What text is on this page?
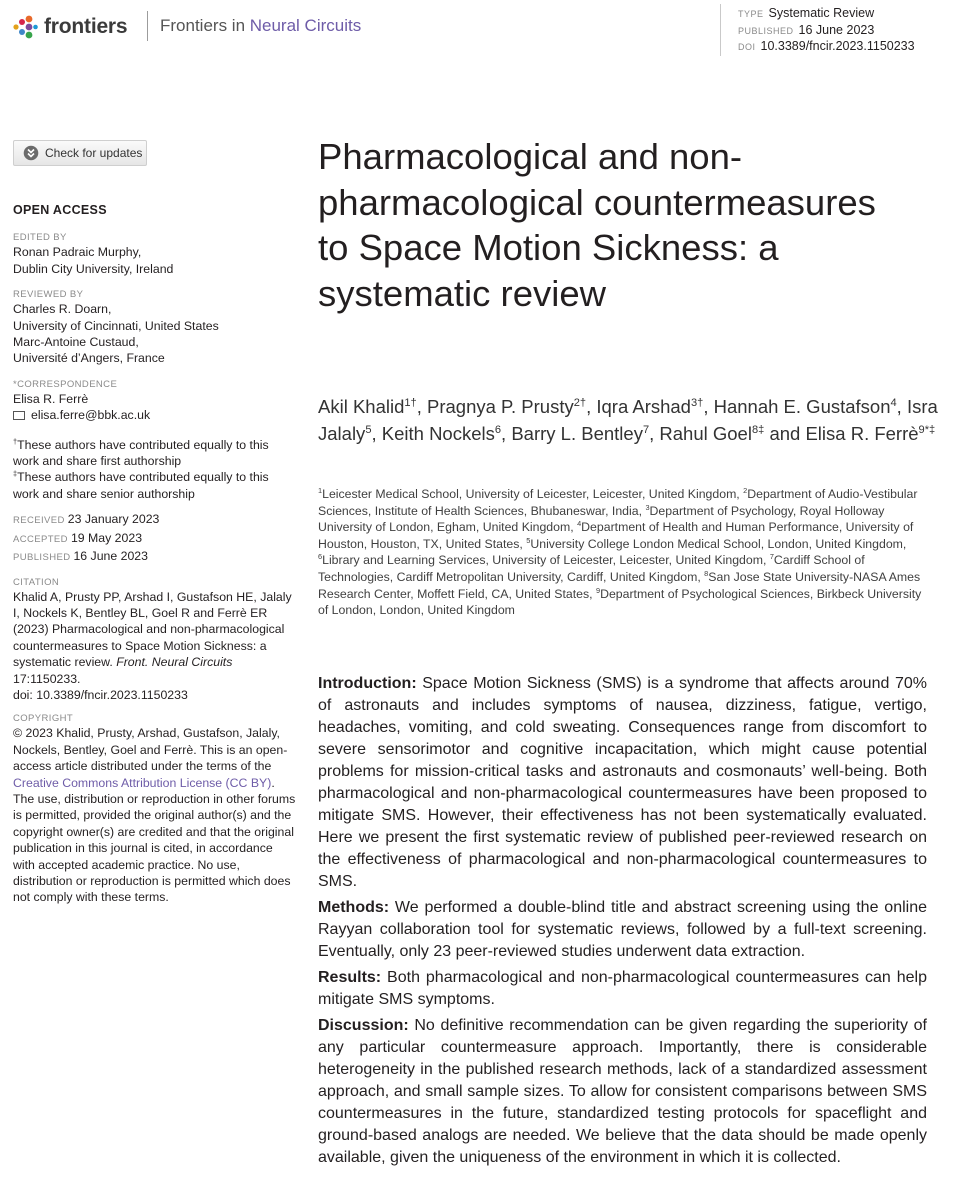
frontiers Frontiers in Neural Circuits
TYPE Systematic Review
PUBLISHED 16 June 2023
DOI 10.3389/fncir.2023.1150233
Check for updates
OPEN ACCESS
EDITED BY
Ronan Padraic Murphy,
Dublin City University, Ireland
REVIEWED BY
Charles R. Doarn,
University of Cincinnati, United States
Marc-Antoine Custaud,
Université d’Angers, France
*CORRESPONDENCE
Elisa R. Ferrè
elisa.ferre@bbk.ac.uk
†These authors have contributed equally to this work and share first authorship
‡These authors have contributed equally to this work and share senior authorship
RECEIVED 23 January 2023
ACCEPTED 19 May 2023
PUBLISHED 16 June 2023
CITATION
Khalid A, Prusty PP, Arshad I, Gustafson HE, Jalaly I, Nockels K, Bentley BL, Goel R and Ferrè ER (2023) Pharmacological and non-pharmacological countermeasures to Space Motion Sickness: a systematic review. Front. Neural Circuits 17:1150233.
doi: 10.3389/fncir.2023.1150233
COPYRIGHT
© 2023 Khalid, Prusty, Arshad, Gustafson, Jalaly, Nockels, Bentley, Goel and Ferrè. This is an open-access article distributed under the terms of the Creative Commons Attribution License (CC BY). The use, distribution or reproduction in other forums is permitted, provided the original author(s) and the copyright owner(s) are credited and that the original publication in this journal is cited, in accordance with accepted academic practice. No use, distribution or reproduction is permitted which does not comply with these terms.
Pharmacological and non-pharmacological countermeasures to Space Motion Sickness: a systematic review
Akil Khalid$^{1\dagger}$, Pragnya P. Prusty$^{2\dagger}$, Iqra Arshad$^{3\dagger}$, Hannah E. Gustafson$^4$, Isra Jalaly$^5$, Keith Nockels$^6$, Barry L. Bentley$^7$, Rahul Goel$^{8\ddagger}$ and Elisa R. Ferrè$^{9*\ddagger}$
$^1$Leicester Medical School, University of Leicester, Leicester, United Kingdom, $^2$Department of Audio-Vestibular Sciences, Institute of Health Sciences, Bhubaneswar, India, $^3$Department of Psychology, Royal Holloway University of London, Egham, United Kingdom, $^4$Department of Health and Human Performance, University of Houston, Houston, TX, United States, $^5$University College London Medical School, London, United Kingdom, $^6$Library and Learning Services, University of Leicester, Leicester, United Kingdom, $^7$Cardiff School of Technologies, Cardiff Metropolitan University, Cardiff, United Kingdom, $^8$San Jose State University-NASA Ames Research Center, Moffett Field, CA, United States, $^9$Department of Psychological Sciences, Birkbeck University of London, London, United Kingdom
Introduction: Space Motion Sickness (SMS) is a syndrome that affects around 70% of astronauts and includes symptoms of nausea, dizziness, fatigue, vertigo, headaches, vomiting, and cold sweating. Consequences range from discomfort to severe sensorimotor and cognitive incapacitation, which might cause potential problems for mission-critical tasks and astronauts and cosmonauts’ well-being. Both pharmacological and non-pharmacological countermeasures have been proposed to mitigate SMS. However, their effectiveness has not been systematically evaluated. Here we present the first systematic review of published peer-reviewed research on the effectiveness of pharmacological and non-pharmacological countermeasures to SMS.
Methods: We performed a double-blind title and abstract screening using the online Rayyan collaboration tool for systematic reviews, followed by a full-text screening. Eventually, only 23 peer-reviewed studies underwent data extraction.
Results: Both pharmacological and non-pharmacological countermeasures can help mitigate SMS symptoms.
Discussion: No definitive recommendation can be given regarding the superiority of any particular countermeasure approach. Importantly, there is considerable heterogeneity in the published research methods, lack of a standardized assessment approach, and small sample sizes. To allow for consistent comparisons between SMS countermeasures in the future, standardized testing protocols for spaceflight and ground-based analogs are needed. We believe that the data should be made openly available, given the uniqueness of the environment in which it is collected.
